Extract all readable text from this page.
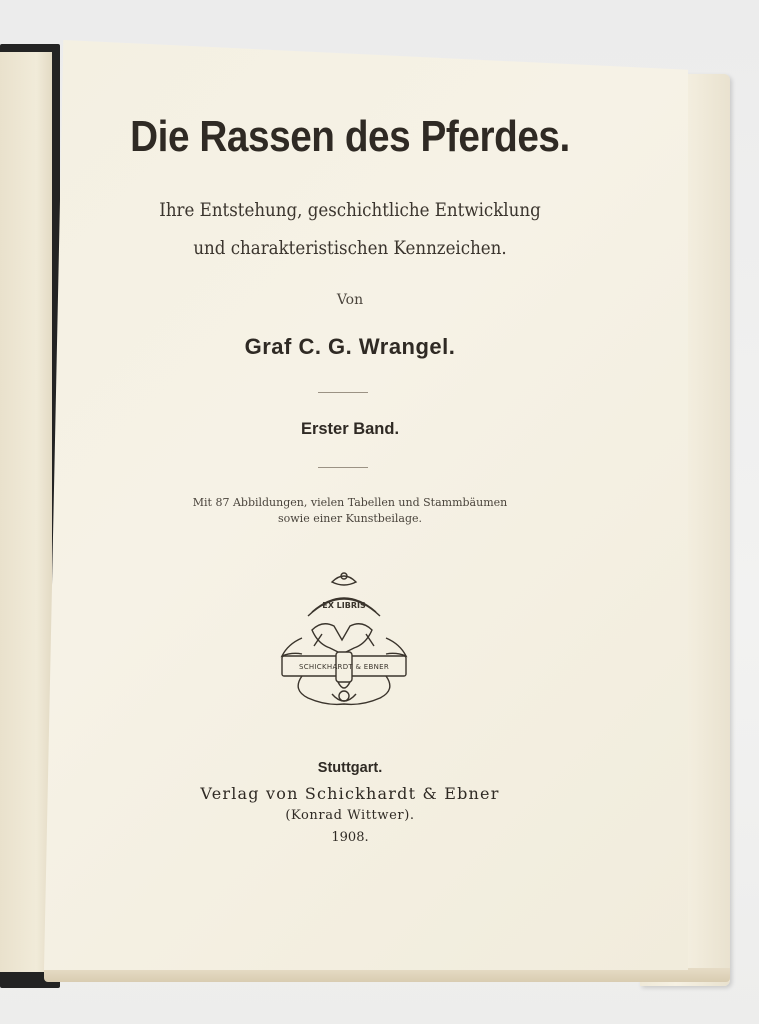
Die Rassen des Pferdes.
Ihre Entstehung, geschichtliche Entwicklung
und charakteristischen Kennzeichen.
Von
Graf C. G. Wrangel.
Erster Band.
Mit 87 Abbildungen, vielen Tabellen und Stammbäumen
sowie einer Kunstbeilage.
EX LIBRIS
SCHICKHARDT & EBNER
Stuttgart.
Verlag von Schickhardt & Ebner
(Konrad Wittwer).
1908.
